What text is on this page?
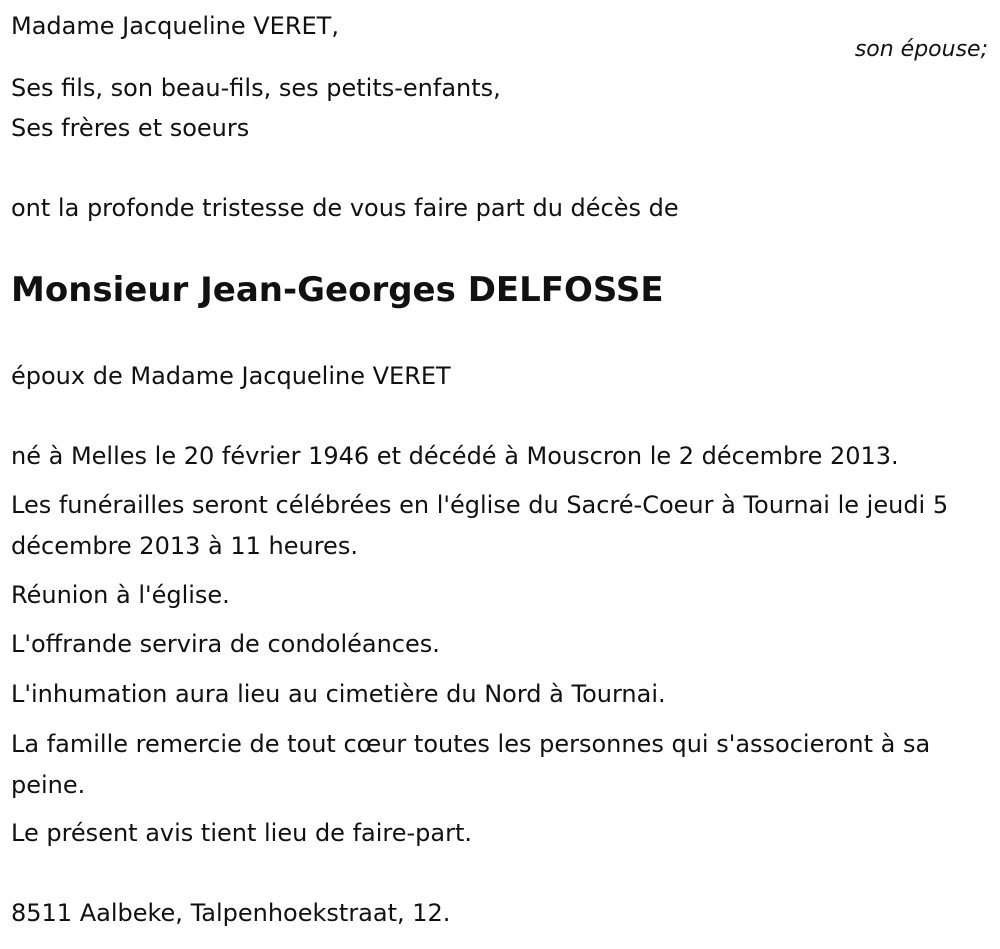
Madame Jacqueline VERET,

son épouse;

Ses fils, son beau-fils, ses petits-enfants,

Ses frères et soeurs

ont la profonde tristesse de vous faire part du décès de

Monsieur Jean-Georges DELFOSSE

époux de Madame Jacqueline VERET

né à Melles le 20 février 1946 et décédé à Mouscron le 2 décembre 2013.

Les funérailles seront célébrées en l'église du Sacré-Coeur à Tournai le jeudi 5 décembre 2013 à 11 heures.

Réunion à l'église.

L'offrande servira de condoléances.

L'inhumation aura lieu au cimetière du Nord à Tournai.

La famille remercie de tout cœur toutes les personnes qui s'associeront à sa peine.

Le présent avis tient lieu de faire-part.

8511 Aalbeke, Talpenhoekstraat, 12.
